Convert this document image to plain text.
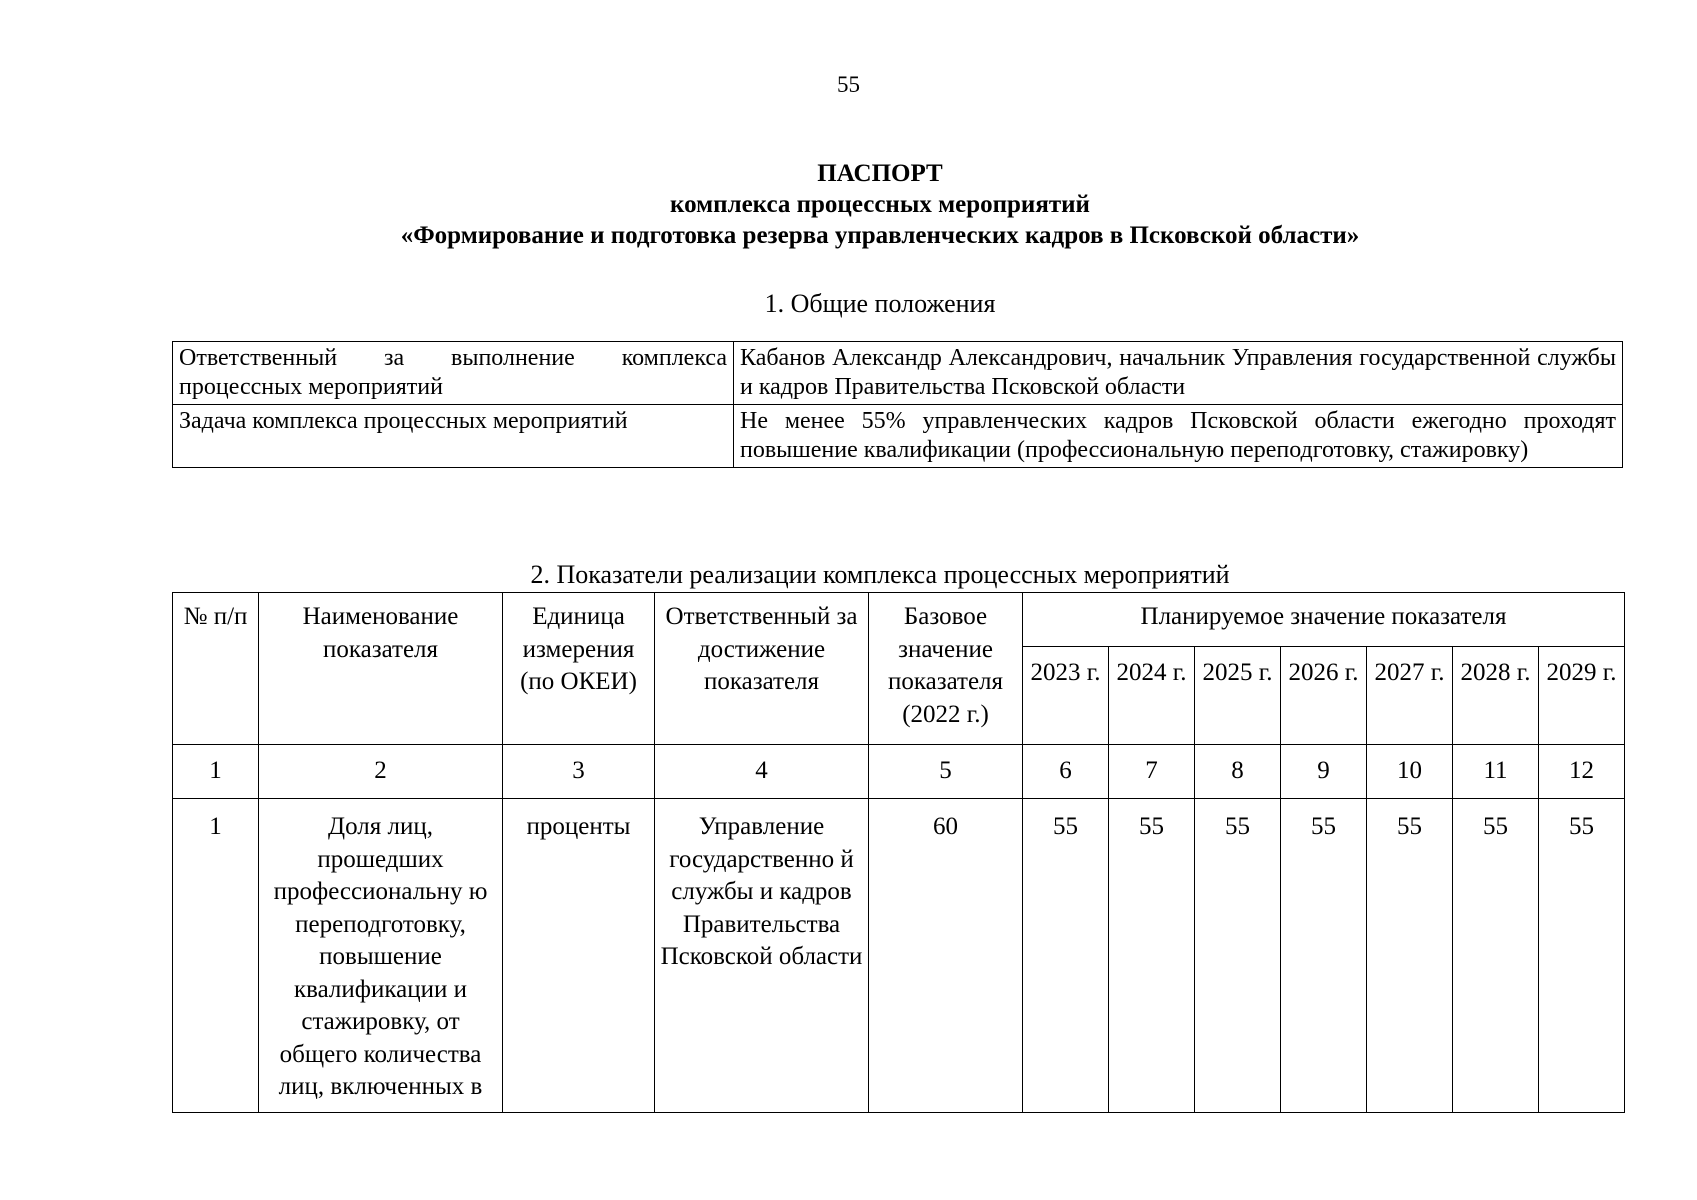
55
ПАСПОРТ
комплекса процессных мероприятий
«Формирование и подготовка резерва управленческих кадров в Псковской области»
1. Общие положения
Ответственный за выполнение комплекса процессных мероприятий	Кабанов Александр Александрович, начальник Управления государственной службы и кадров Правительства Псковской области
Задача комплекса процессных мероприятий	Не менее 55% управленческих кадров Псковской области ежегодно проходят повышение квалификации (профессиональную переподготовку, стажировку)
2. Показатели реализации комплекса процессных мероприятий
№ п/п	Наименование показателя	Единица измерения (по ОКЕИ)	Ответственный за достижение показателя	Базовое значение показателя (2022 г.)	Планируемое значение показателя						
					2023 г.	2024 г.	2025 г.	2026 г.	2027 г.	2028 г.	2029 г.
1	2	3	4	5	6	7	8	9	10	11	12
1	Доля лиц, прошедших профессиональну ю переподготовку, повышение квалификации и стажировку, от общего количества лиц, включенных в	проценты	Управление государственно й службы и кадров Правительства Псковской области	60	55	55	55	55	55	55	55
